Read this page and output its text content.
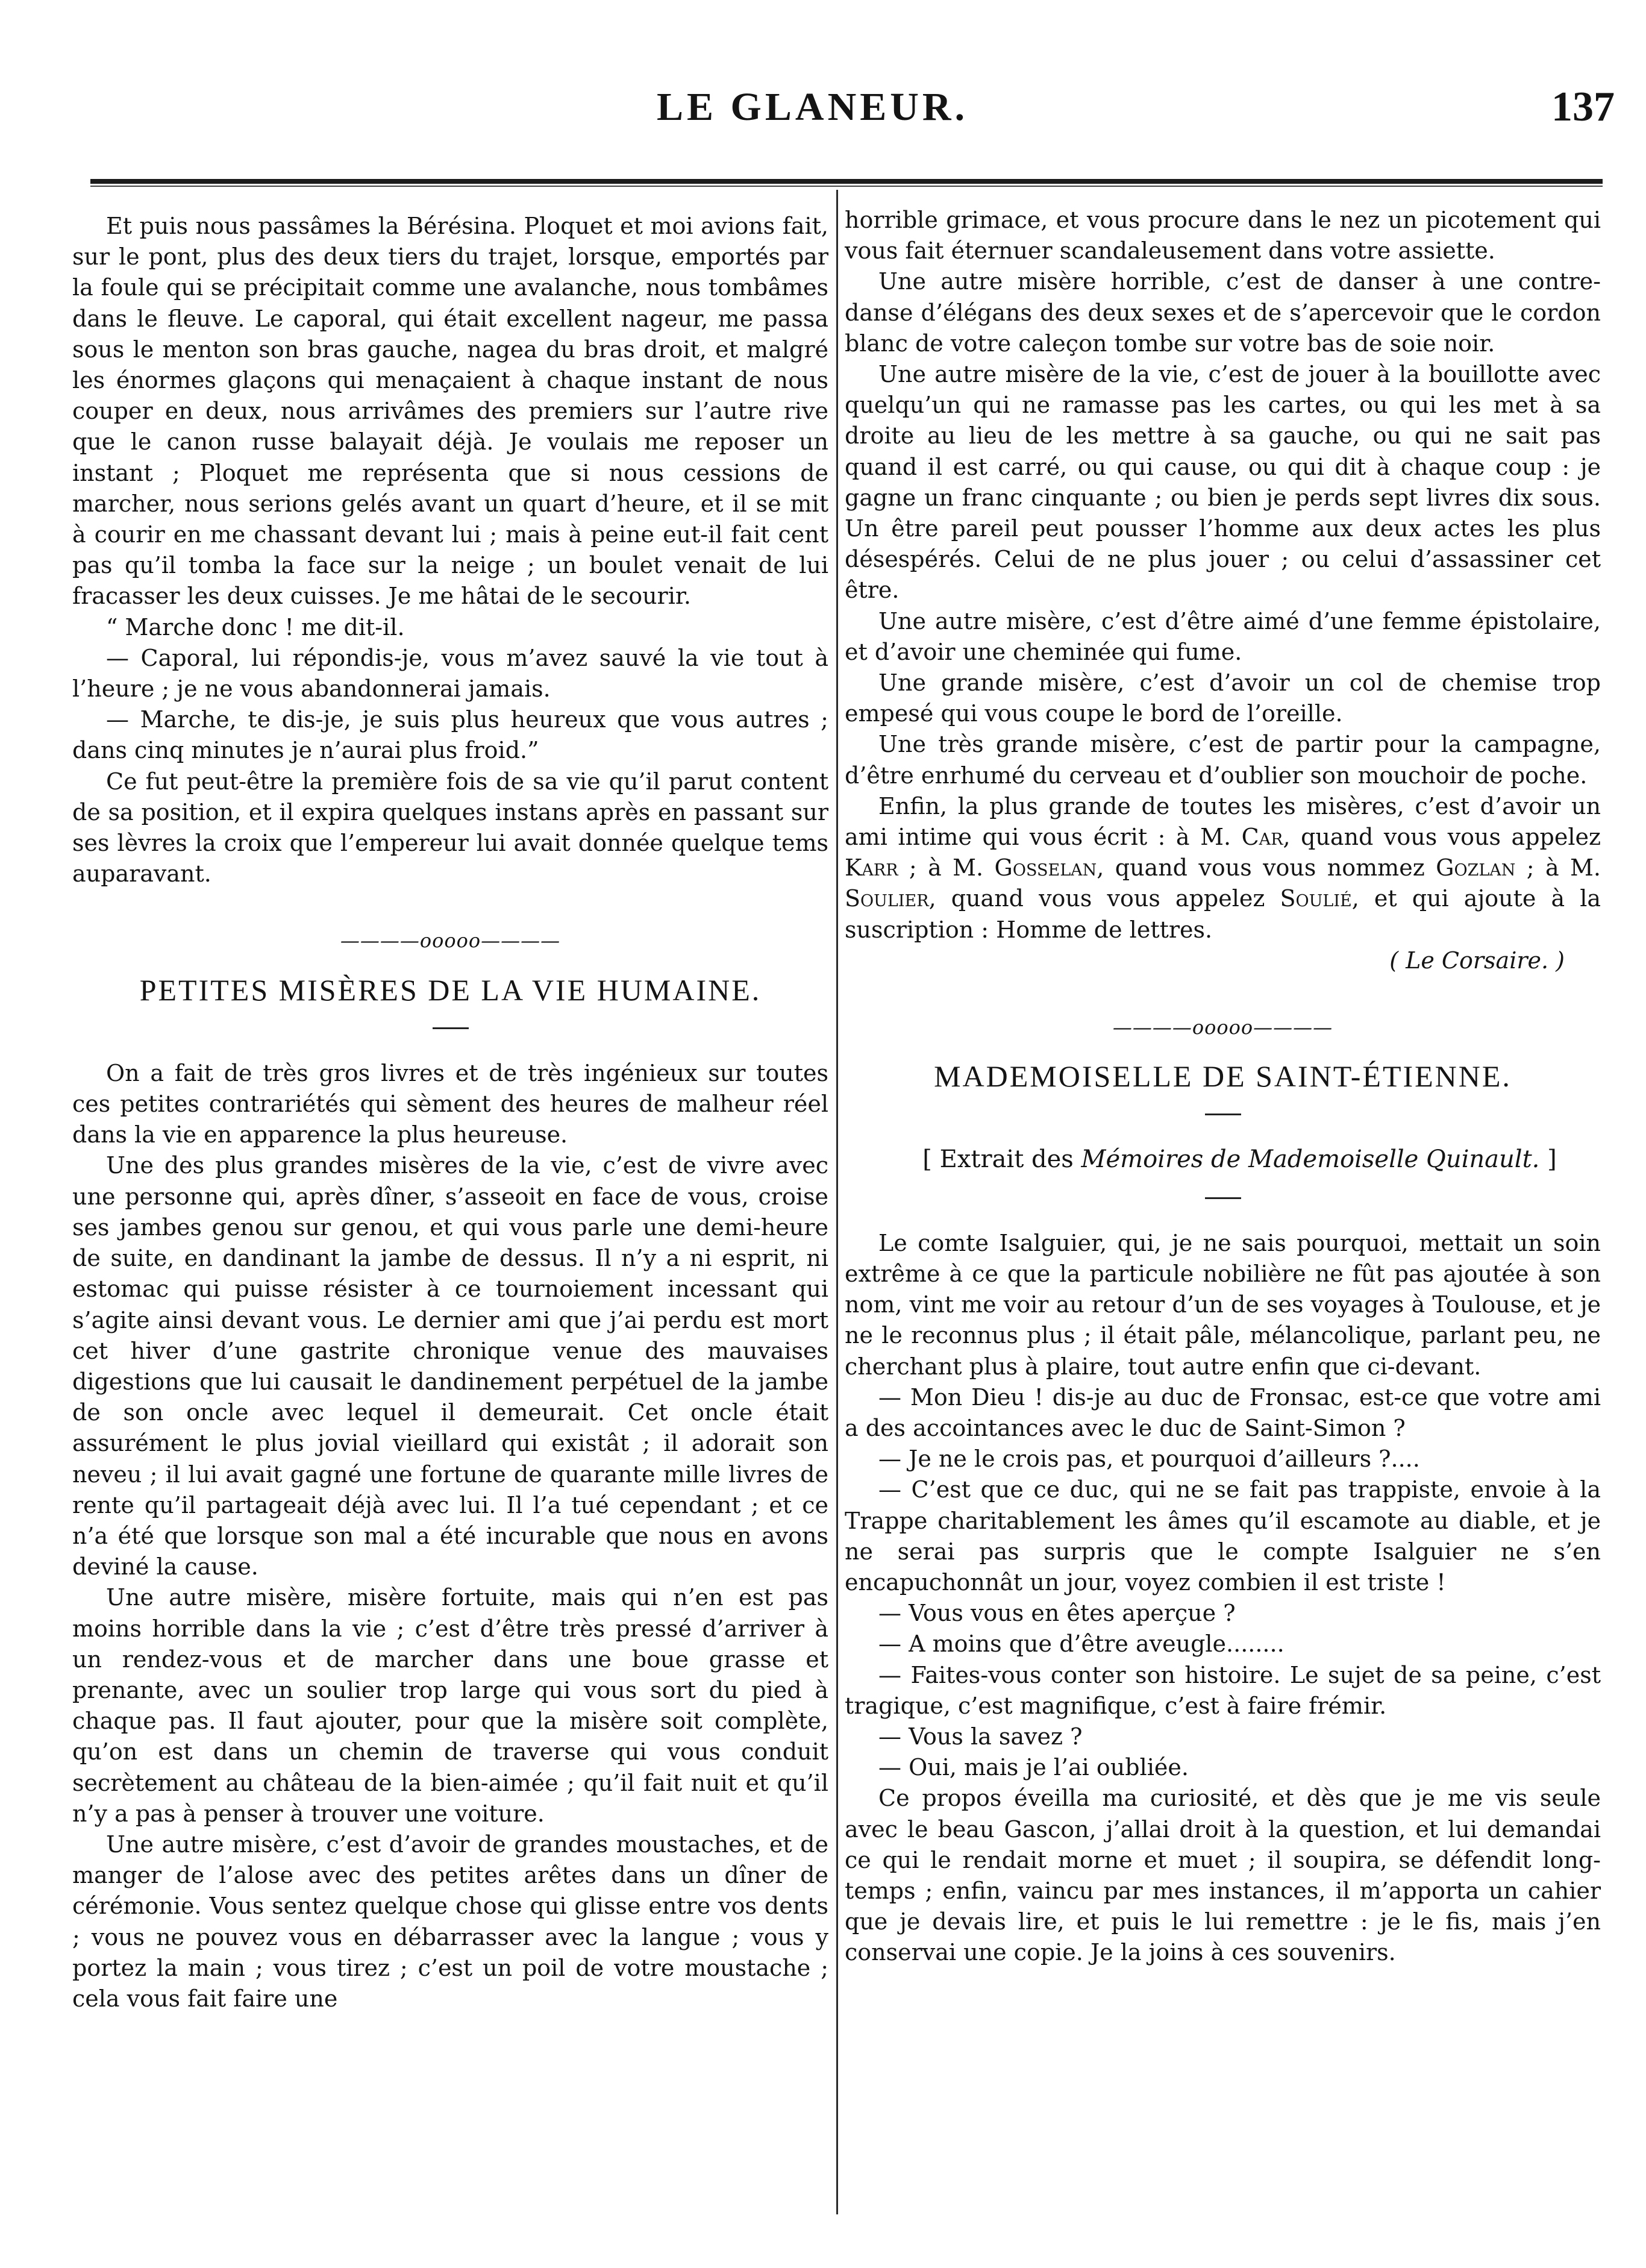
LE GLANEUR.	137

Et puis nous passâmes la Bérésina. Ploquet et moi avions fait, sur le pont, plus des deux tiers du trajet, lorsque, emportés par la foule qui se précipitait comme une avalanche, nous tombâmes dans le fleuve. Le caporal, qui était excellent nageur, me passa sous le menton son bras gauche, nagea du bras droit, et malgré les énormes glaçons qui menaçaient à chaque instant de nous couper en deux, nous arrivâmes des premiers sur l’autre rive que le canon russe balayait déjà. Je voulais me reposer un instant ; Ploquet me représenta que si nous cessions de marcher, nous serions gelés avant un quart d’heure, et il se mit à courir en me chassant devant lui ; mais à peine eut-il fait cent pas qu’il tomba la face sur la neige ; un boulet venait de lui fracasser les deux cuisses. Je me hâtai de le secourir.

“ Marche donc ! me dit-il.

— Caporal, lui répondis-je, vous m’avez sauvé la vie tout à l’heure ; je ne vous abandonnerai jamais.

— Marche, te dis-je, je suis plus heureux que vous autres ; dans cinq minutes je n’aurai plus froid.”

Ce fut peut-être la première fois de sa vie qu’il parut content de sa position, et il expira quelques instans après en passant sur ses lèvres la croix que l’empereur lui avait donnée quelque tems auparavant.

————ooooo————
PETITES MISÈRES DE LA VIE HUMAINE.

On a fait de très gros livres et de très ingénieux sur toutes ces petites contrariétés qui sèment des heures de malheur réel dans la vie en apparence la plus heureuse.

Une des plus grandes misères de la vie, c’est de vivre avec une personne qui, après dîner, s’asseoit en face de vous, croise ses jambes genou sur genou, et qui vous parle une demi-heure de suite, en dandinant la jambe de dessus. Il n’y a ni esprit, ni estomac qui puisse résister à ce tournoiement incessant qui s’agite ainsi devant vous. Le dernier ami que j’ai perdu est mort cet hiver d’une gastrite chronique venue des mauvaises digestions que lui causait le dandinement perpétuel de la jambe de son oncle avec lequel il demeurait. Cet oncle était assurément le plus jovial vieillard qui existât ; il adorait son neveu ; il lui avait gagné une fortune de quarante mille livres de rente qu’il partageait déjà avec lui. Il l’a tué cependant ; et ce n’a été que lorsque son mal a été incurable que nous en avons deviné la cause.

Une autre misère, misère fortuite, mais qui n’en est pas moins horrible dans la vie ; c’est d’être très pressé d’arriver à un rendez-vous et de marcher dans une boue grasse et prenante, avec un soulier trop large qui vous sort du pied à chaque pas. Il faut ajouter, pour que la misère soit complète, qu’on est dans un chemin de traverse qui vous conduit secrètement au château de la bien-aimée ; qu’il fait nuit et qu’il n’y a pas à penser à trouver une voiture.

Une autre misère, c’est d’avoir de grandes moustaches, et de manger de l’alose avec des petites arêtes dans un dîner de cérémonie. Vous sentez quelque chose qui glisse entre vos dents ; vous ne pouvez vous en débarrasser avec la langue ; vous y portez la main ; vous tirez ; c’est un poil de votre moustache ; cela vous fait faire une

horrible grimace, et vous procure dans le nez un picotement qui vous fait éternuer scandaleusement dans votre assiette.

Une autre misère horrible, c’est de danser à une contre-danse d’élégans des deux sexes et de s’apercevoir que le cordon blanc de votre caleçon tombe sur votre bas de soie noir.

Une autre misère de la vie, c’est de jouer à la bouillotte avec quelqu’un qui ne ramasse pas les cartes, ou qui les met à sa droite au lieu de les mettre à sa gauche, ou qui ne sait pas quand il est carré, ou qui cause, ou qui dit à chaque coup : je gagne un franc cinquante ; ou bien je perds sept livres dix sous. Un être pareil peut pousser l’homme aux deux actes les plus désespérés. Celui de ne plus jouer ; ou celui d’assassiner cet être.

Une autre misère, c’est d’être aimé d’une femme épistolaire, et d’avoir une cheminée qui fume.

Une grande misère, c’est d’avoir un col de chemise trop empesé qui vous coupe le bord de l’oreille.

Une très grande misère, c’est de partir pour la campagne, d’être enrhumé du cerveau et d’oublier son mouchoir de poche.

Enfin, la plus grande de toutes les misères, c’est d’avoir un ami intime qui vous écrit : à M. Car, quand vous vous appelez Karr ; à M. Gosselan, quand vous vous nommez Gozlan ; à M. Soulier, quand vous vous appelez Soulié, et qui ajoute à la suscription : Homme de lettres.

( Le Corsaire. )

————ooooo————
MADEMOISELLE DE SAINT-ÉTIENNE.

[ Extrait des Mémoires de Mademoiselle Quinault. ]

Le comte Isalguier, qui, je ne sais pourquoi, mettait un soin extrême à ce que la particule nobilière ne fût pas ajoutée à son nom, vint me voir au retour d’un de ses voyages à Toulouse, et je ne le reconnus plus ; il était pâle, mélancolique, parlant peu, ne cherchant plus à plaire, tout autre enfin que ci-devant.

— Mon Dieu ! dis-je au duc de Fronsac, est-ce que votre ami a des accointances avec le duc de Saint-Simon ?

— Je ne le crois pas, et pourquoi d’ailleurs ?....

— C’est que ce duc, qui ne se fait pas trappiste, envoie à la Trappe charitablement les âmes qu’il escamote au diable, et je ne serai pas surpris que le compte Isalguier ne s’en encapuchonnât un jour, voyez combien il est triste !

— Vous vous en êtes aperçue ?

— A moins que d’être aveugle........

— Faites-vous conter son histoire. Le sujet de sa peine, c’est tragique, c’est magnifique, c’est à faire frémir.

— Vous la savez ?

— Oui, mais je l’ai oubliée.

Ce propos éveilla ma curiosité, et dès que je me vis seule avec le beau Gascon, j’allai droit à la question, et lui demandai ce qui le rendait morne et muet ; il soupira, se défendit long-temps ; enfin, vaincu par mes instances, il m’apporta un cahier que je devais lire, et puis le lui remettre : je le fis, mais j’en conservai une copie. Je la joins à ces souvenirs.
